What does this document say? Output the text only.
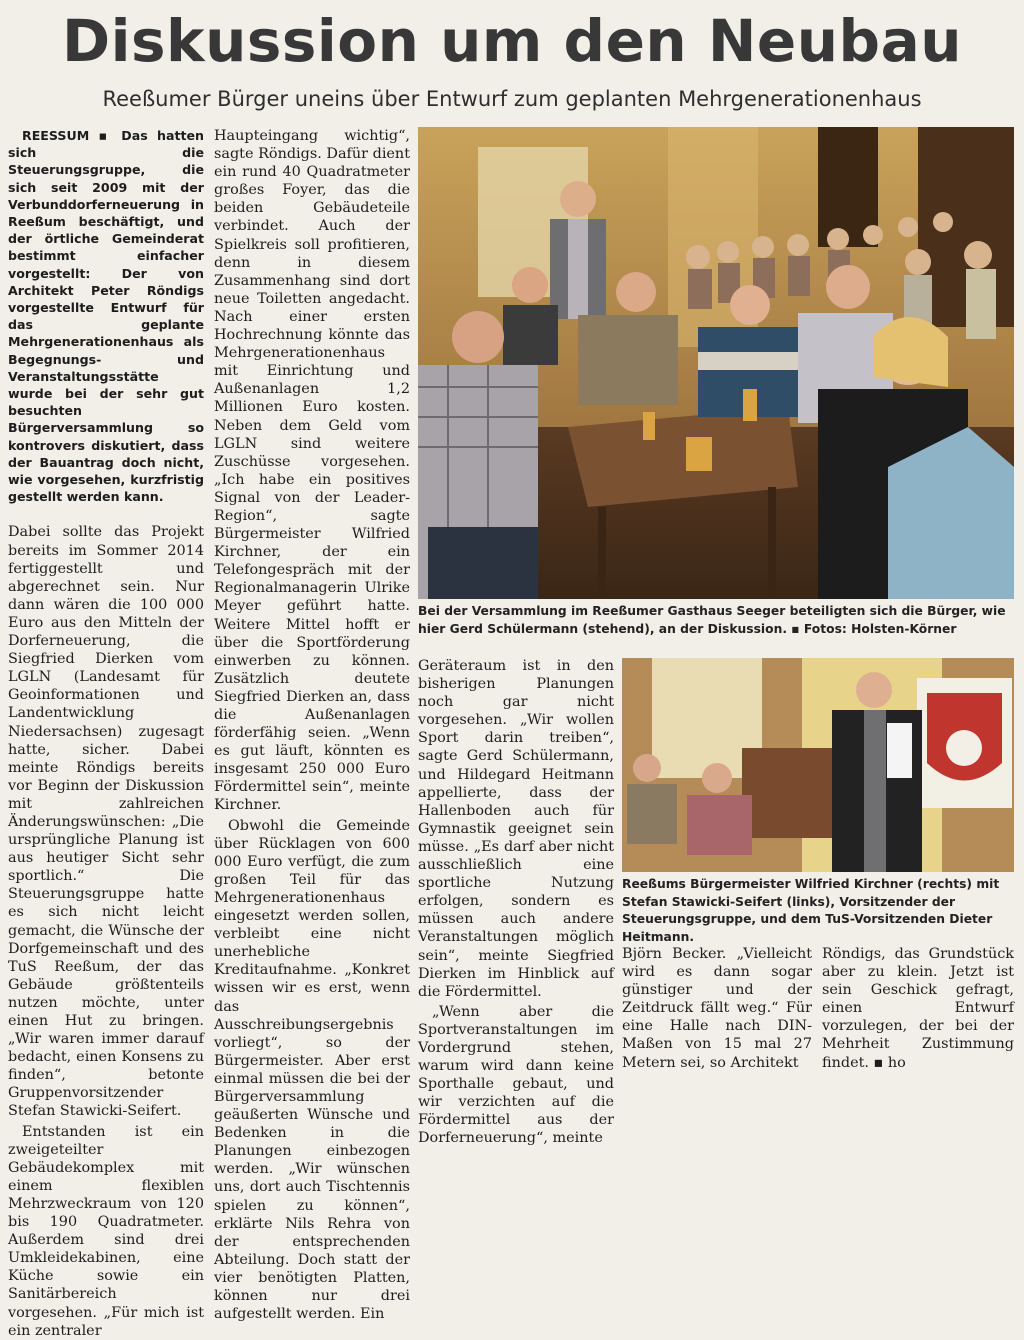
Diskussion um den Neubau
Reeßumer Bürger uneins über Entwurf zum geplanten Mehrgenerationenhaus

REESSUM ▪ Das hatten sich die Steuerungsgruppe, die sich seit 2009 mit der Verbunddorferneuerung in Reeßum beschäftigt, und der örtliche Gemeinderat bestimmt einfacher vorgestellt: Der von Architekt Peter Röndigs vorgestellte Entwurf für das geplante Mehrgenerationenhaus als Begegnungs- und Veranstaltungsstätte wurde bei der sehr gut besuchten Bürgerversammlung so kontrovers diskutiert, dass der Bauantrag doch nicht, wie vorgesehen, kurzfristig gestellt werden kann.

Dabei sollte das Projekt bereits im Sommer 2014 fertiggestellt und abgerechnet sein. Nur dann wären die 100 000 Euro aus den Mitteln der Dorferneuerung, die Siegfried Dierken vom LGLN (Landesamt für Geoinformationen und Landentwicklung Niedersachsen) zugesagt hatte, sicher. Dabei meinte Röndigs bereits vor Beginn der Diskussion mit zahlreichen Änderungswünschen: „Die ursprüngliche Planung ist aus heutiger Sicht sehr sportlich.“ Die Steuerungsgruppe hatte es sich nicht leicht gemacht, die Wünsche der Dorfgemeinschaft und des TuS Reeßum, der das Gebäude größtenteils nutzen möchte, unter einen Hut zu bringen. „Wir waren immer darauf bedacht, einen Konsens zu finden“, betonte Gruppenvorsitzender Stefan Stawicki-Seifert.

Entstanden ist ein zweigeteilter Gebäudekomplex mit einem flexiblen Mehrzweckraum von 120 bis 190 Quadratmeter. Außerdem sind drei Umkleidekabinen, eine Küche sowie ein Sanitärbereich vorgesehen. „Für mich ist ein zentraler

Haupteingang wichtig“, sagte Röndigs. Dafür dient ein rund 40 Quadratmeter großes Foyer, das die beiden Gebäudeteile verbindet. Auch der Spielkreis soll profitieren, denn in diesem Zusammenhang sind dort neue Toiletten angedacht. Nach einer ersten Hochrechnung könnte das Mehrgenerationenhaus mit Einrichtung und Außenanlagen 1,2 Millionen Euro kosten. Neben dem Geld vom LGLN sind weitere Zuschüsse vorgesehen. „Ich habe ein positives Signal von der Leader-Region“, sagte Bürgermeister Wilfried Kirchner, der ein Telefongespräch mit der Regionalmanagerin Ulrike Meyer geführt hatte. Weitere Mittel hofft er über die Sportförderung einwerben zu können. Zusätzlich deutete Siegfried Dierken an, dass die Außenanlagen förderfähig seien. „Wenn es gut läuft, könnten es insgesamt 250 000 Euro Fördermittel sein“, meinte Kirchner.

Obwohl die Gemeinde über Rücklagen von 600 000 Euro verfügt, die zum großen Teil für das Mehrgenerationenhaus eingesetzt werden sollen, verbleibt eine nicht unerhebliche Kreditaufnahme. „Konkret wissen wir es erst, wenn das Ausschreibungsergebnis vorliegt“, so der Bürgermeister. Aber erst einmal müssen die bei der Bürgerversammlung geäußerten Wünsche und Bedenken in die Planungen einbezogen werden. „Wir wünschen uns, dort auch Tischtennis spielen zu können“, erklärte Nils Rehra von der entsprechenden Abteilung. Doch statt der vier benötigten Platten, können nur drei aufgestellt werden. Ein

Bei der Versammlung im Reeßumer Gasthaus Seeger beteiligten sich die Bürger, wie hier Gerd Schülermann (stehend), an der Diskussion. ▪ Fotos: Holsten-Körner

Geräteraum ist in den bisherigen Planungen noch gar nicht vorgesehen. „Wir wollen Sport darin treiben“, sagte Gerd Schülermann, und Hildegard Heitmann appellierte, dass der Hallenboden auch für Gymnastik geeignet sein müsse. „Es darf aber nicht ausschließlich eine sportliche Nutzung erfolgen, sondern es müssen auch andere Veranstaltungen möglich sein“, meinte Siegfried Dierken im Hinblick auf die Fördermittel.

„Wenn aber die Sportveranstaltungen im Vordergrund stehen, warum wird dann keine Sporthalle gebaut, und wir verzichten auf die Fördermittel aus der Dorferneuerung“, meinte

Reeßums Bürgermeister Wilfried Kirchner (rechts) mit Stefan Stawicki-Seifert (links), Vorsitzender der Steuerungsgruppe, und dem TuS-Vorsitzenden Dieter Heitmann.

Björn Becker. „Vielleicht wird es dann sogar günstiger und der Zeitdruck fällt weg.“ Für eine Halle nach DIN-Maßen von 15 mal 27 Metern sei, so Architekt

Röndigs, das Grundstück aber zu klein. Jetzt ist sein Geschick gefragt, einen Entwurf vorzulegen, der bei der Mehrheit Zustimmung findet. ▪ ho
